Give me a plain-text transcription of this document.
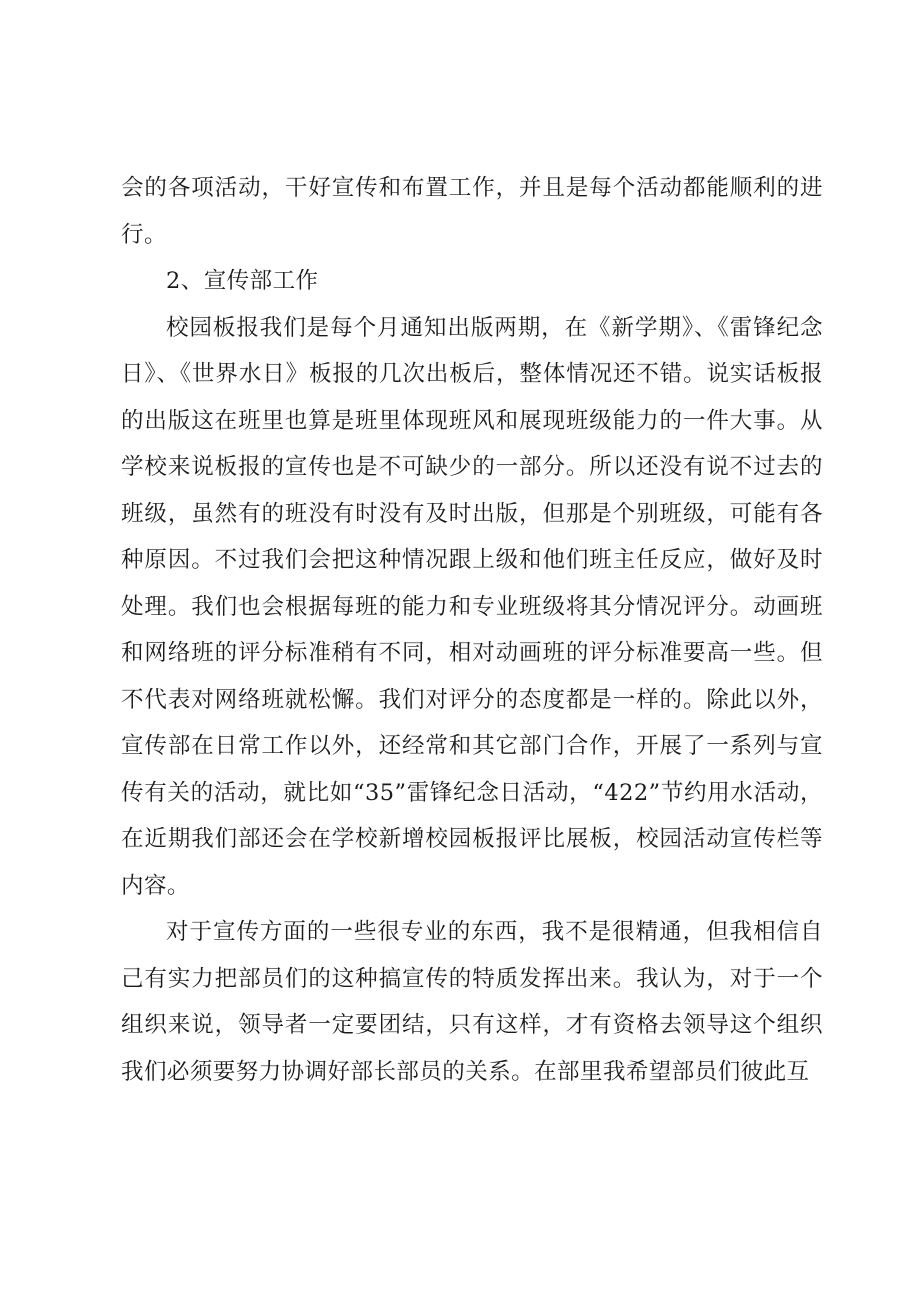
会的各项活动，干好宣传和布置工作，并且是每个活动都能顺利的进行。

2、宣传部工作

校园板报我们是每个月通知出版两期，在《新学期》、《雷锋纪念日》、《世界水日》板报的几次出板后，整体情况还不错。说实话板报的出版这在班里也算是班里体现班风和展现班级能力的一件大事。从学校来说板报的宣传也是不可缺少的一部分。所以还没有说不过去的班级，虽然有的班没有时没有及时出版，但那是个别班级，可能有各种原因。不过我们会把这种情况跟上级和他们班主任反应，做好及时处理。我们也会根据每班的能力和专业班级将其分情况评分。动画班和网络班的评分标准稍有不同，相对动画班的评分标准要高一些。但不代表对网络班就松懈。我们对评分的态度都是一样的。除此以外，宣传部在日常工作以外，还经常和其它部门合作，开展了一系列与宣传有关的活动，就比如“35”雷锋纪念日活动，“422”节约用水活动，在近期我们部还会在学校新增校园板报评比展板，校园活动宣传栏等内容。

对于宣传方面的一些很专业的东西，我不是很精通，但我相信自己有实力把部员们的这种搞宣传的特质发挥出来。我认为，对于一个组织来说，领导者一定要团结，只有这样，才有资格去领导这个组织我们必须要努力协调好部长部员的关系。在部里我希望部员们彼此互
